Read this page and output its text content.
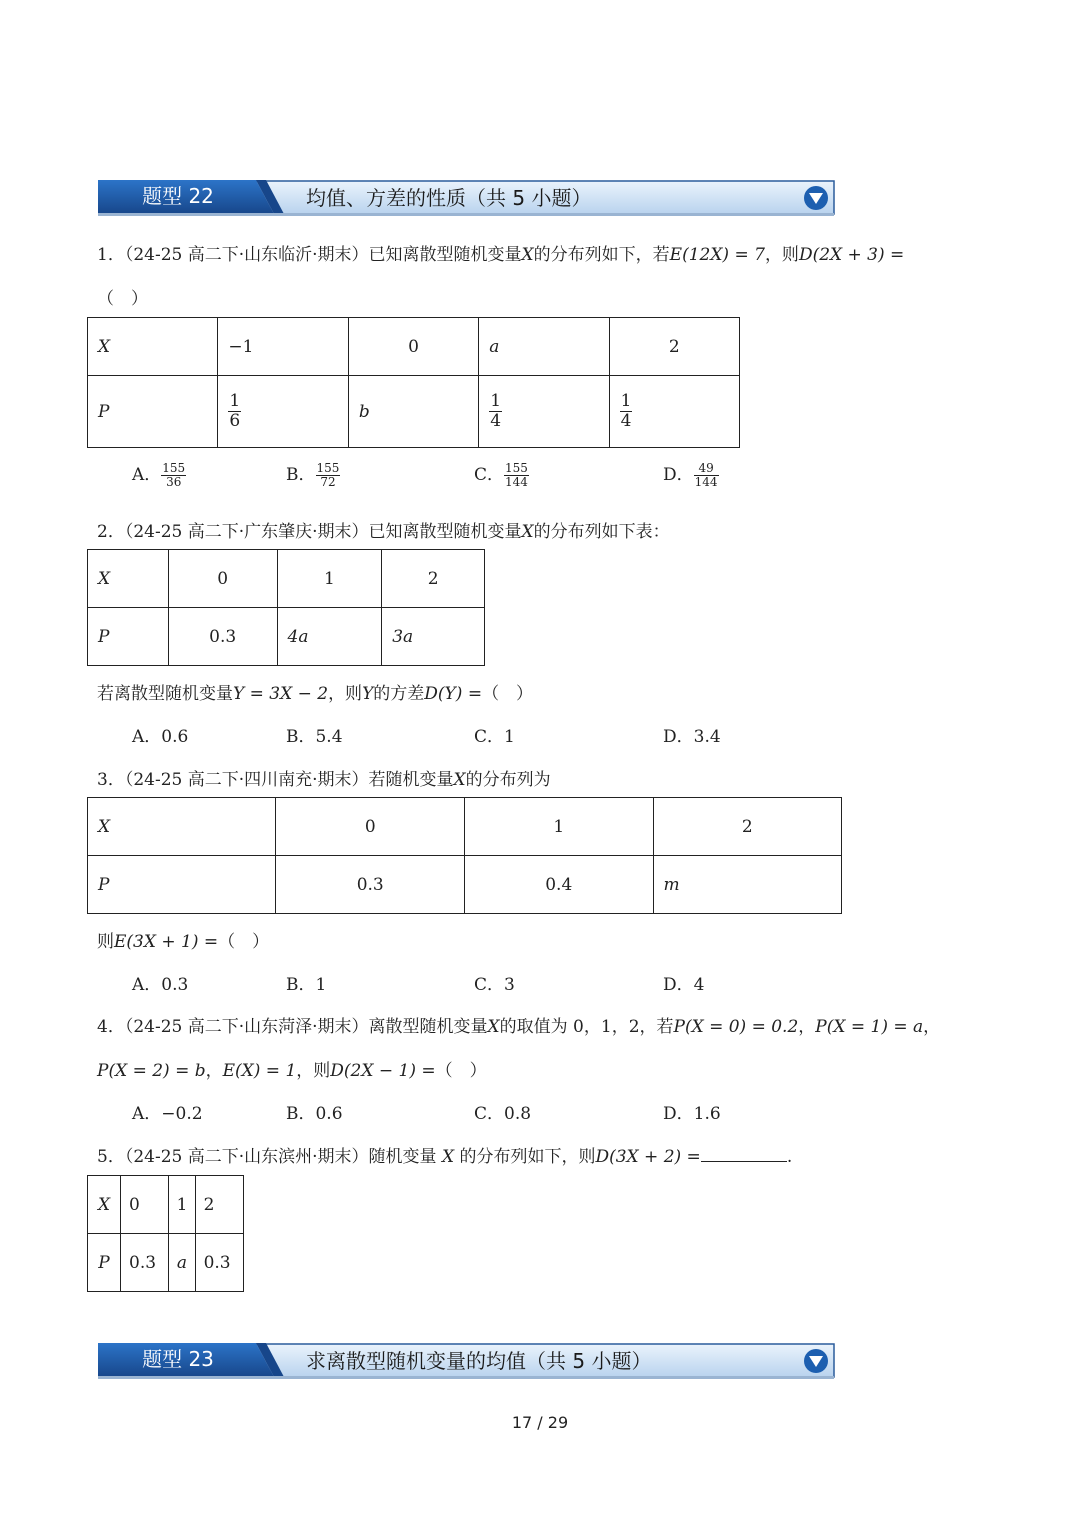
题型 22	均值、方差的性质（共 5 小题）
1．（24-25 高二下·山东临沂·期末）已知离散型随机变量X的分布列如下，若E(12X) = 7，则D(2X + 3) =
（　）
X	−1	0	a	2
P	$\frac{1}{6}$	b	$\frac{1}{4}$	$\frac{1}{4}$
A． $\frac{155}{36}$	B． $\frac{155}{72}$	C． $\frac{155}{144}$	D． $\frac{49}{144}$
2．（24-25 高二下·广东肇庆·期末）已知离散型随机变量X的分布列如下表：
X	0	1	2
P	0.3	4a	3a
若离散型随机变量Y = 3X − 2，则Y的方差D(Y) =（　）
A．0.6	B．5.4	C．1	D．3.4
3．（24-25 高二下·四川南充·期末）若随机变量X的分布列为
X	0	1	2
P	0.3	0.4	m
则E(3X + 1) =（　）
A．0.3	B．1	C．3	D．4
4．（24-25 高二下·山东菏泽·期末）离散型随机变量X的取值为 0，1，2，若P(X = 0) = 0.2，P(X = 1) = a，
P(X = 2) = b，E(X) = 1，则D(2X − 1) =（　）
A．−0.2	B．0.6	C．0.8	D．1.6
5．（24-25 高二下·山东滨州·期末）随机变量 X 的分布列如下，则D(3X + 2) =	.
X	0	1	2
P	0.3	a	0.3
题型 23	求离散型随机变量的均值（共 5 小题）
17 / 29
